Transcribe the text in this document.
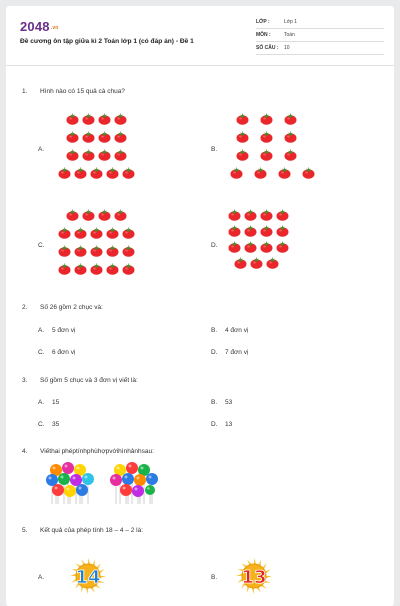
2048.vn
Đề cương ôn tập giữa kì 2 Toán lớp 1 (có đáp án) - Đề 1
LỚP :	Lớp 1
MÔN :	Toán
SỐ CÂU :	10
1. Hình nào có 15 quả cà chua?
A.	B.
C.	D.
2. Số 26 gồm 2 chục và:
A. 5 đơn vị	B. 4 đơn vị
C. 6 đơn vị	D. 7 đơn vị
3. Số gồm 5 chục và 3 đơn vị viết là:
A. 15	B. 53
C. 35	D. 13
4. Viếthai phéptínhphùhợpvớihìnhảnhsau:
5. Kết quả của phép tính 18 – 4 – 2 là:
A.	B.
14	13
